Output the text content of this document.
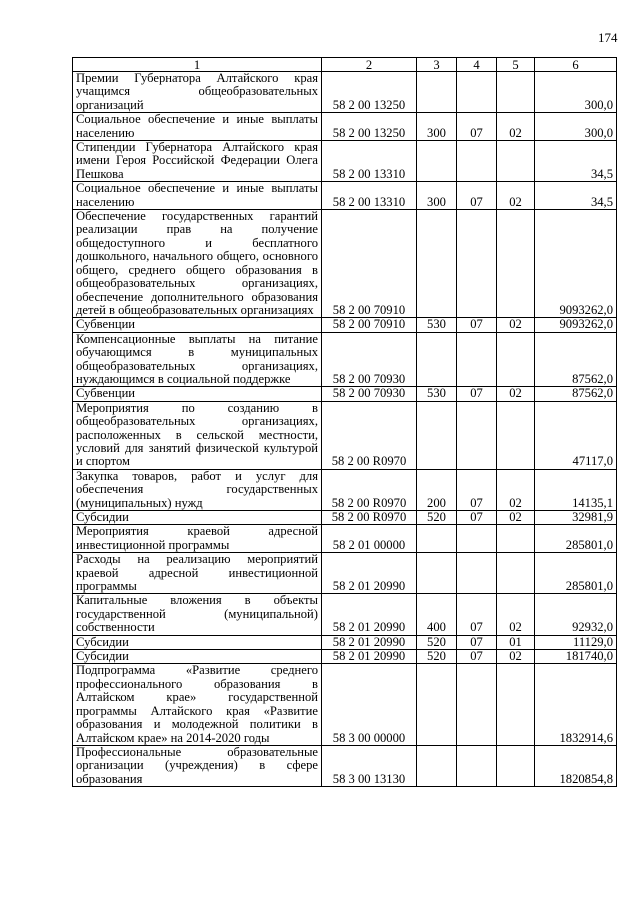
174
1	2	3	4	5	6
Премии Губернатора Алтайского края учащимся общеобразовательных организаций	58 2 00 13250				300,0
Социальное обеспечение и иные выплаты населению	58 2 00 13250	300	07	02	300,0
Стипендии Губернатора Алтайского края имени Героя Российской Федерации Олега Пешкова	58 2 00 13310				34,5
Социальное обеспечение и иные выплаты населению	58 2 00 13310	300	07	02	34,5
Обеспечение государственных гарантий реализации прав на получение общедоступного и бесплатного дошкольного, начального общего, основного общего, среднего общего образования в общеобразовательных организациях, обеспечение дополнительного образования детей в общеобразовательных организациях	58 2 00 70910				9093262,0
Субвенции	58 2 00 70910	530	07	02	9093262,0
Компенсационные выплаты на питание обучающимся в муниципальных общеобразовательных организациях, нуждающимся в социальной поддержке	58 2 00 70930				87562,0
Субвенции	58 2 00 70930	530	07	02	87562,0
Мероприятия по созданию в общеобразовательных организациях, расположенных в сельской местности, условий для занятий физической культурой и спортом	58 2 00 R0970				47117,0
Закупка товаров, работ и услуг для обеспечения государственных (муниципальных) нужд	58 2 00 R0970	200	07	02	14135,1
Субсидии	58 2 00 R0970	520	07	02	32981,9
Мероприятия краевой адресной инвестиционной программы	58 2 01 00000				285801,0
Расходы на реализацию мероприятий краевой адресной инвестиционной программы	58 2 01 20990				285801,0
Капитальные вложения в объекты государственной (муниципальной) собственности	58 2 01 20990	400	07	02	92932,0
Субсидии	58 2 01 20990	520	07	01	11129,0
Субсидии	58 2 01 20990	520	07	02	181740,0
Подпрограмма «Развитие среднего профессионального образования в Алтайском крае» государственной программы Алтайского края «Развитие образования и молодежной политики в Алтайском крае» на 2014-2020 годы	58 3 00 00000				1832914,6
Профессиональные образовательные организации (учреждения) в сфере образования	58 3 00 13130				1820854,8
